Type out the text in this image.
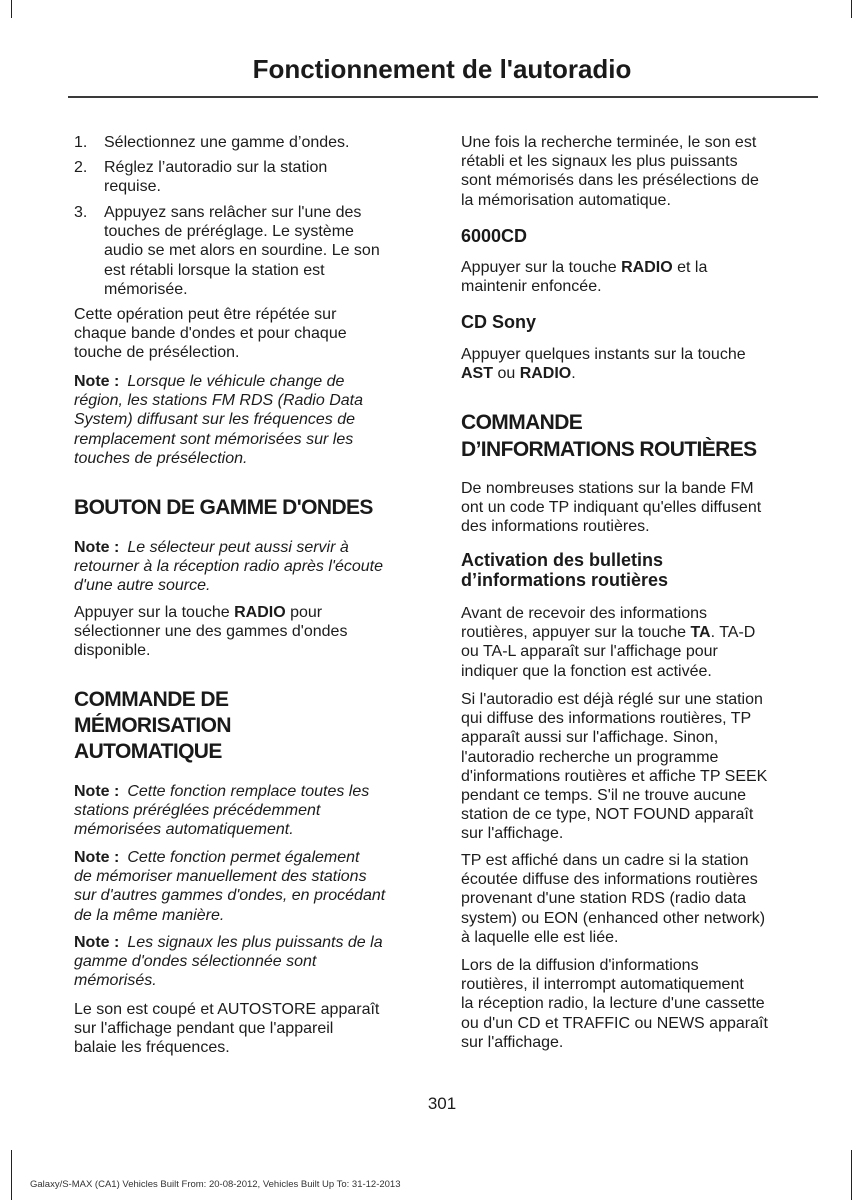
Fonctionnement de l'autoradio
1. Sélectionnez une gamme d’ondes.
2. Réglez l’autoradio sur la station
requise.
3. Appuyez sans relâcher sur l'une des
touches de préréglage. Le système
audio se met alors en sourdine. Le son
est rétabli lorsque la station est
mémorisée.
Cette opération peut être répétée sur
chaque bande d'ondes et pour chaque
touche de présélection.
Note : Lorsque le véhicule change de
région, les stations FM RDS (Radio Data
System) diffusant sur les fréquences de
remplacement sont mémorisées sur les
touches de présélection.
BOUTON DE GAMME D'ONDES
Note : Le sélecteur peut aussi servir à
retourner à la réception radio après l'écoute
d'une autre source.
Appuyer sur la touche RADIO pour
sélectionner une des gammes d'ondes
disponible.
COMMANDE DE
MÉMORISATION
AUTOMATIQUE
Note : Cette fonction remplace toutes les
stations préréglées précédemment
mémorisées automatiquement.
Note : Cette fonction permet également
de mémoriser manuellement des stations
sur d'autres gammes d'ondes, en procédant
de la même manière.
Note : Les signaux les plus puissants de la
gamme d'ondes sélectionnée sont
mémorisés.
Le son est coupé et AUTOSTORE apparaît
sur l'affichage pendant que l'appareil
balaie les fréquences.
Une fois la recherche terminée, le son est
rétabli et les signaux les plus puissants
sont mémorisés dans les présélections de
la mémorisation automatique.
6000CD
Appuyer sur la touche RADIO et la
maintenir enfoncée.
CD Sony
Appuyer quelques instants sur la touche
AST ou RADIO.
COMMANDE
D’INFORMATIONS ROUTIÈRES
De nombreuses stations sur la bande FM
ont un code TP indiquant qu'elles diffusent
des informations routières.
Activation des bulletins
d’informations routières
Avant de recevoir des informations
routières, appuyer sur la touche TA. TA-D
ou TA-L apparaît sur l'affichage pour
indiquer que la fonction est activée.
Si l'autoradio est déjà réglé sur une station
qui diffuse des informations routières, TP
apparaît aussi sur l'affichage. Sinon,
l'autoradio recherche un programme
d'informations routières et affiche TP SEEK
pendant ce temps. S'il ne trouve aucune
station de ce type, NOT FOUND apparaît
sur l'affichage.
TP est affiché dans un cadre si la station
écoutée diffuse des informations routières
provenant d'une station RDS (radio data
system) ou EON (enhanced other network)
à laquelle elle est liée.
Lors de la diffusion d'informations
routières, il interrompt automatiquement
la réception radio, la lecture d'une cassette
ou d'un CD et TRAFFIC ou NEWS apparaît
sur l'affichage.
301
Galaxy/S-MAX (CA1) Vehicles Built From: 20-08-2012, Vehicles Built Up To: 31-12-2013
